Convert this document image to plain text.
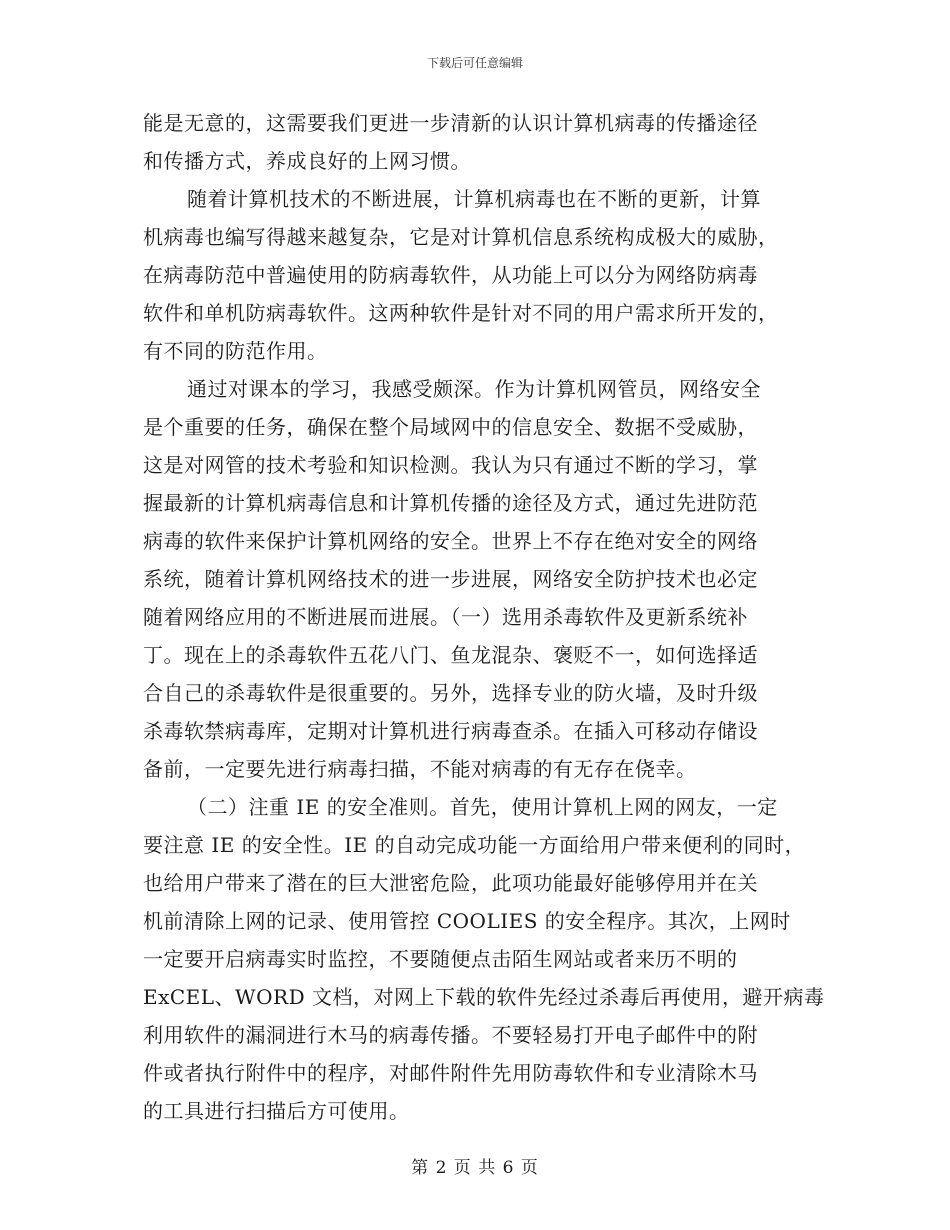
下载后可任意编辑
能是无意的，这需要我们更进一步清新的认识计算机病毒的传播途径
和传播方式，养成良好的上网习惯。
随着计算机技术的不断进展，计算机病毒也在不断的更新，计算
机病毒也编写得越来越复杂，它是对计算机信息系统构成极大的威胁，
在病毒防范中普遍使用的防病毒软件，从功能上可以分为网络防病毒
软件和单机防病毒软件。这两种软件是针对不同的用户需求所开发的，
有不同的防范作用。
通过对课本的学习，我感受颇深。作为计算机网管员，网络安全
是个重要的任务，确保在整个局域网中的信息安全、数据不受威胁，
这是对网管的技术考验和知识检测。我认为只有通过不断的学习，掌
握最新的计算机病毒信息和计算机传播的途径及方式，通过先进防范
病毒的软件来保护计算机网络的安全。世界上不存在绝对安全的网络
系统，随着计算机网络技术的进一步进展，网络安全防护技术也必定
随着网络应用的不断进展而进展。（一）选用杀毒软件及更新系统补
丁。现在上的杀毒软件五花八门、鱼龙混杂、褒贬不一，如何选择适
合自己的杀毒软件是很重要的。另外，选择专业的防火墙，及时升级
杀毒软禁病毒库，定期对计算机进行病毒查杀。在插入可移动存储设
备前，一定要先进行病毒扫描，不能对病毒的有无存在侥幸。
（二）注重 IE 的安全准则。首先，使用计算机上网的网友，一定
要注意 IE 的安全性。IE 的自动完成功能一方面给用户带来便利的同时，
也给用户带来了潜在的巨大泄密危险，此项功能最好能够停用并在关
机前清除上网的记录、使用管控 COOLIES 的安全程序。其次，上网时
一定要开启病毒实时监控，不要随便点击陌生网站或者来历不明的
ExCEL、WORD 文档，对网上下载的软件先经过杀毒后再使用，避开病毒
利用软件的漏洞进行木马的病毒传播。不要轻易打开电子邮件中的附
件或者执行附件中的程序，对邮件附件先用防毒软件和专业清除木马
的工具进行扫描后方可使用。
第 2 页 共 6 页
